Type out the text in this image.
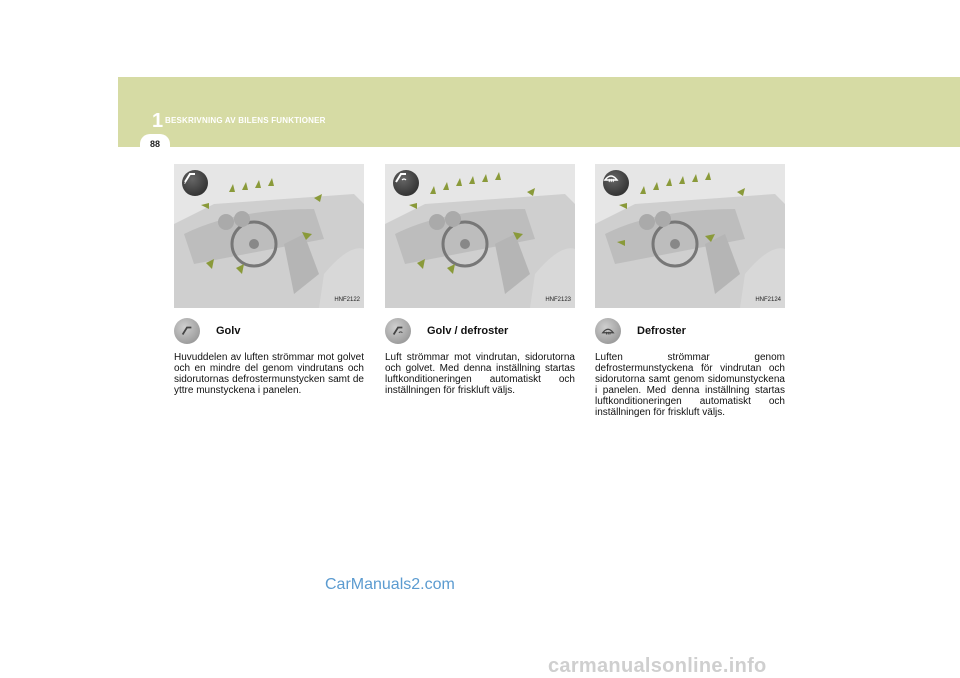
1 BESKRIVNING AV BILENS FUNKTIONER
88
HNF2122
Golv
Huvuddelen av luften strömmar mot golvet och en mindre del genom vindrutans och sidorutornas defrostermunstycken samt de yttre munstyckena i panelen.
HNF2123
Golv / defroster
Luft strömmar mot vindrutan, sidorutorna och golvet. Med denna inställning startas luftkonditioneringen automatiskt och inställningen för friskluft väljs.
HNF2124
Defroster
Luften strömmar genom defrostermunstyckena för vindrutan och sidorutorna samt genom sidomunstyckena i panelen. Med denna inställning startas luftkonditioneringen automatiskt och inställningen för friskluft väljs.
CarManuals2.com
carmanualsonline.info
